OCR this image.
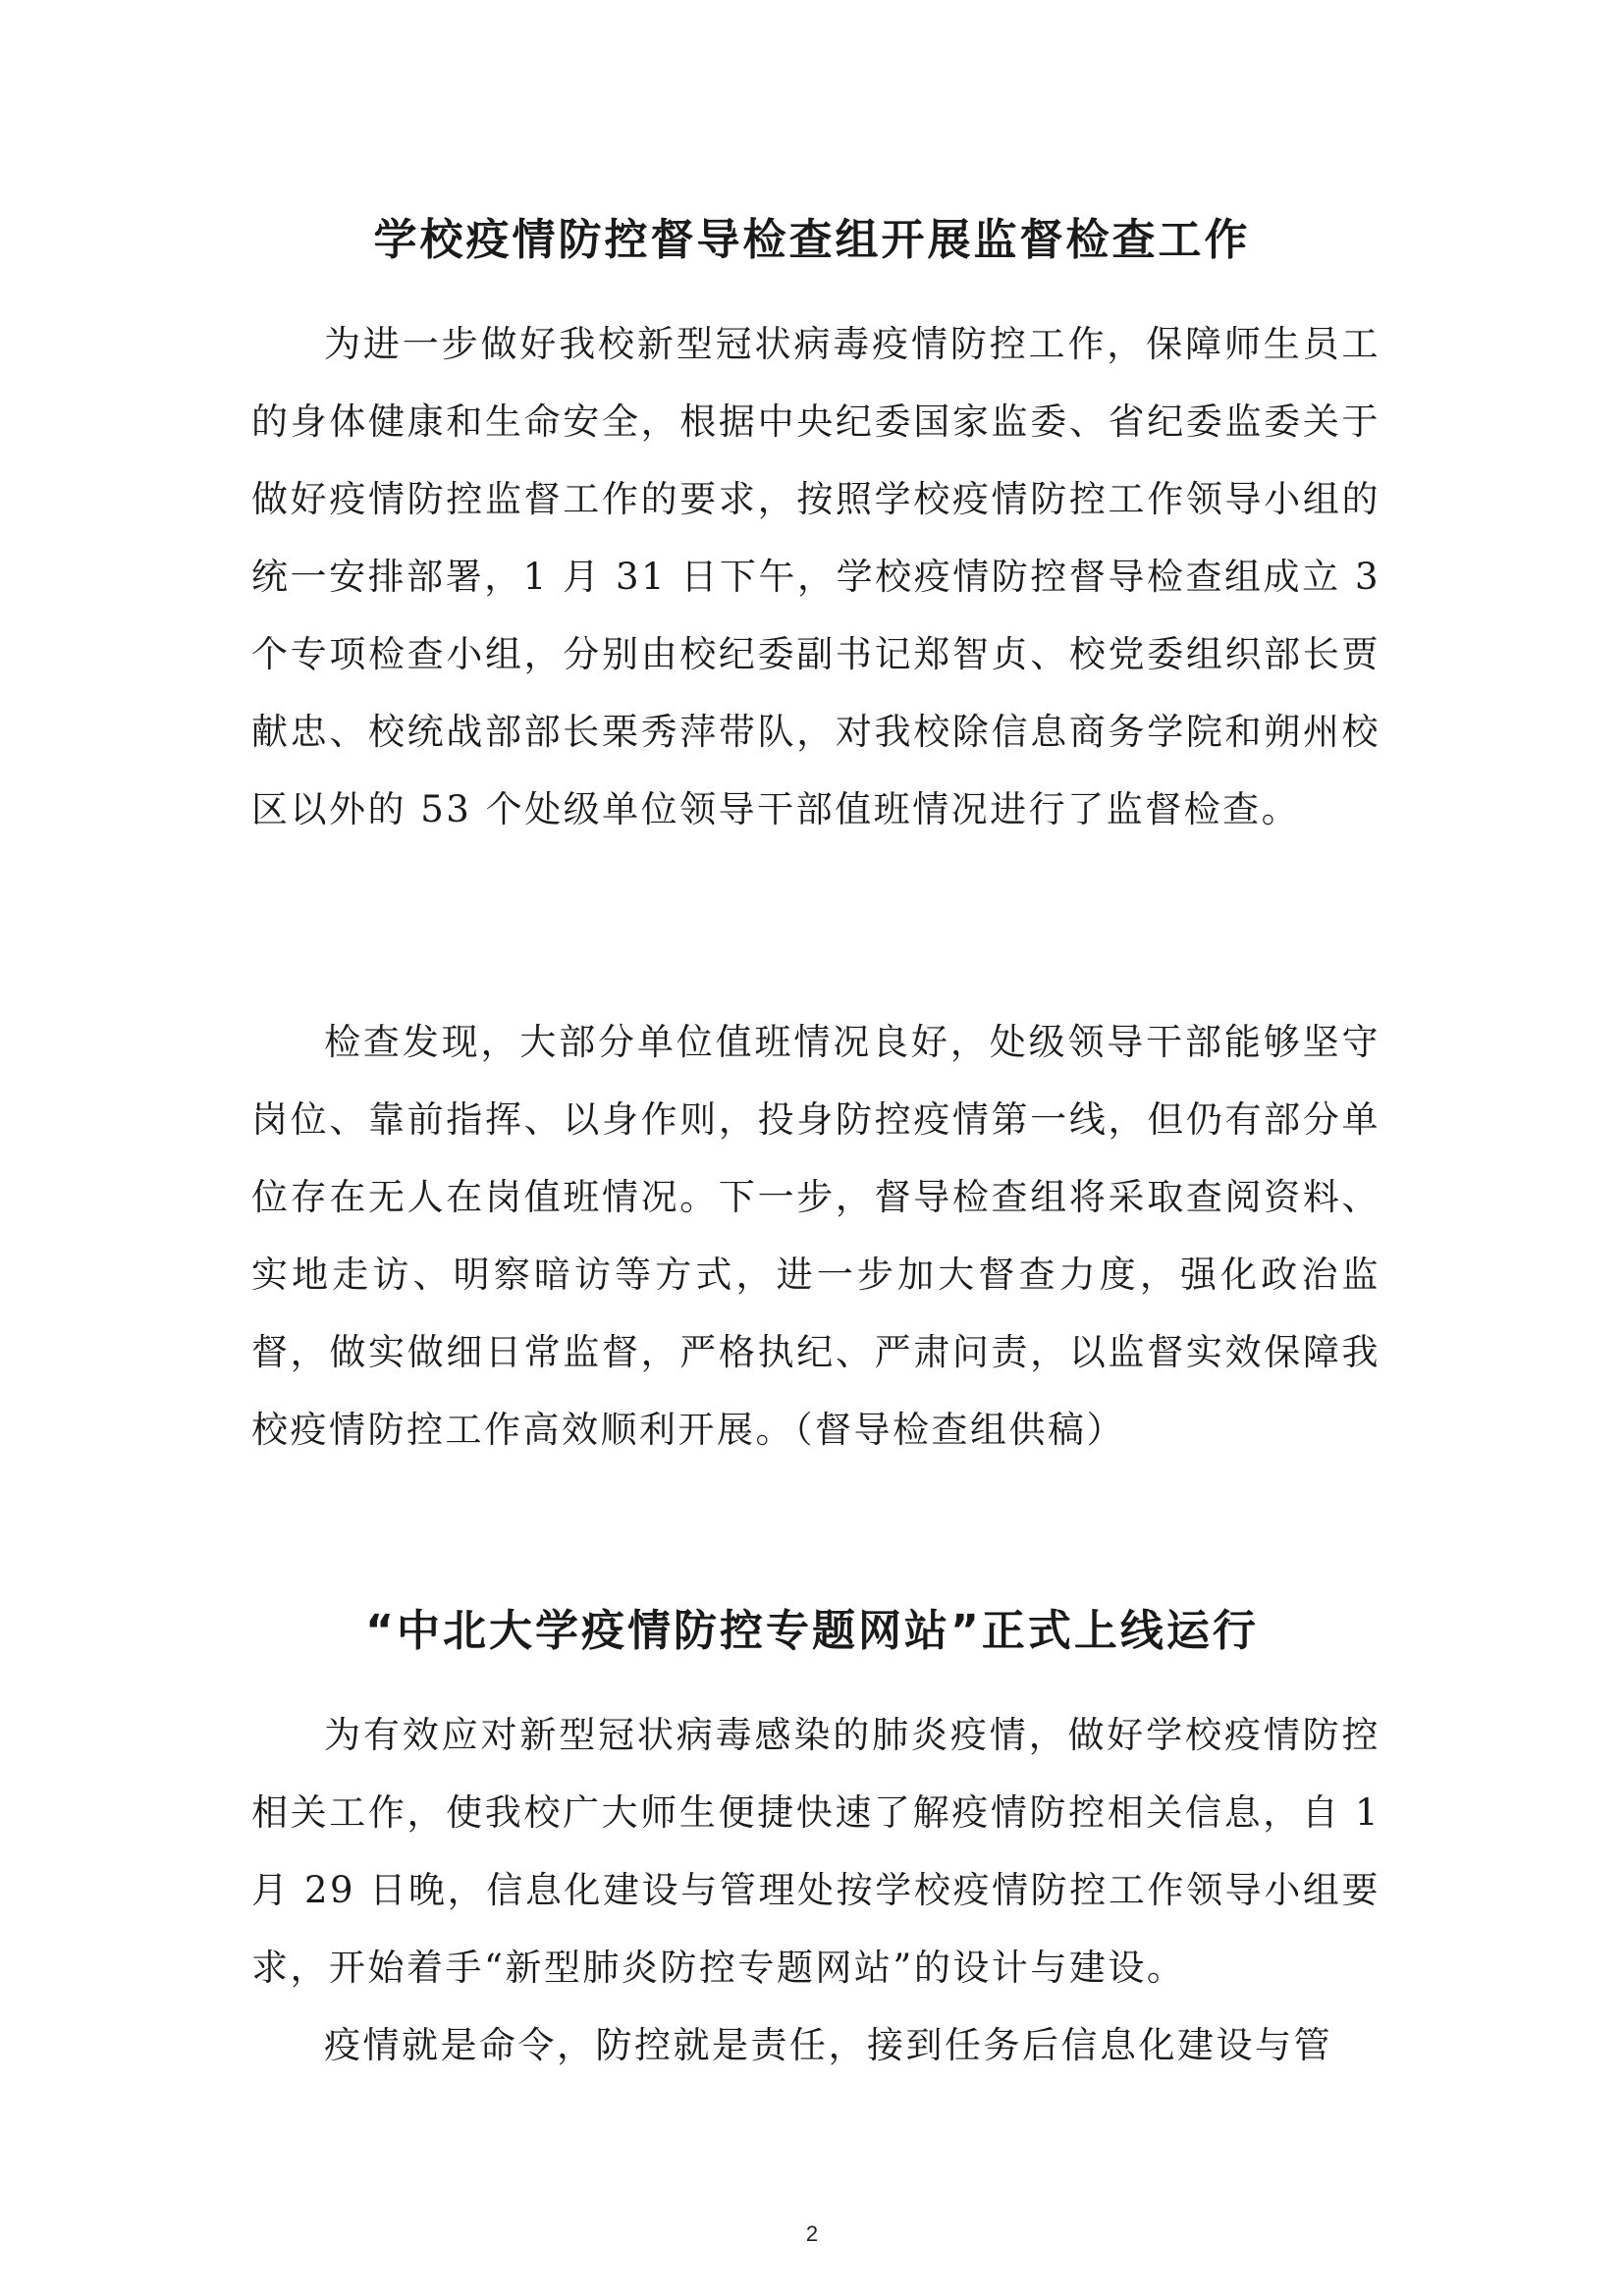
学校疫情防控督导检查组开展监督检查工作

为进一步做好我校新型冠状病毒疫情防控工作，保障师生员工的身体健康和生命安全，根据中央纪委国家监委、省纪委监委关于做好疫情防控监督工作的要求，按照学校疫情防控工作领导小组的统一安排部署，1 月 31 日下午，学校疫情防控督导检查组成立 3 个专项检查小组，分别由校纪委副书记郑智贞、校党委组织部长贾献忠、校统战部部长栗秀萍带队，对我校除信息商务学院和朔州校区以外的 53 个处级单位领导干部值班情况进行了监督检查。

检查发现，大部分单位值班情况良好，处级领导干部能够坚守岗位、靠前指挥、以身作则，投身防控疫情第一线，但仍有部分单位存在无人在岗值班情况。下一步，督导检查组将采取查阅资料、实地走访、明察暗访等方式，进一步加大督查力度，强化政治监督，做实做细日常监督，严格执纪、严肃问责，以监督实效保障我校疫情防控工作高效顺利开展。（督导检查组供稿）

“中北大学疫情防控专题网站”正式上线运行

为有效应对新型冠状病毒感染的肺炎疫情，做好学校疫情防控相关工作，使我校广大师生便捷快速了解疫情防控相关信息，自 1 月 29 日晚，信息化建设与管理处按学校疫情防控工作领导小组要求，开始着手“新型肺炎防控专题网站”的设计与建设。

疫情就是命令，防控就是责任，接到任务后信息化建设与管

2
